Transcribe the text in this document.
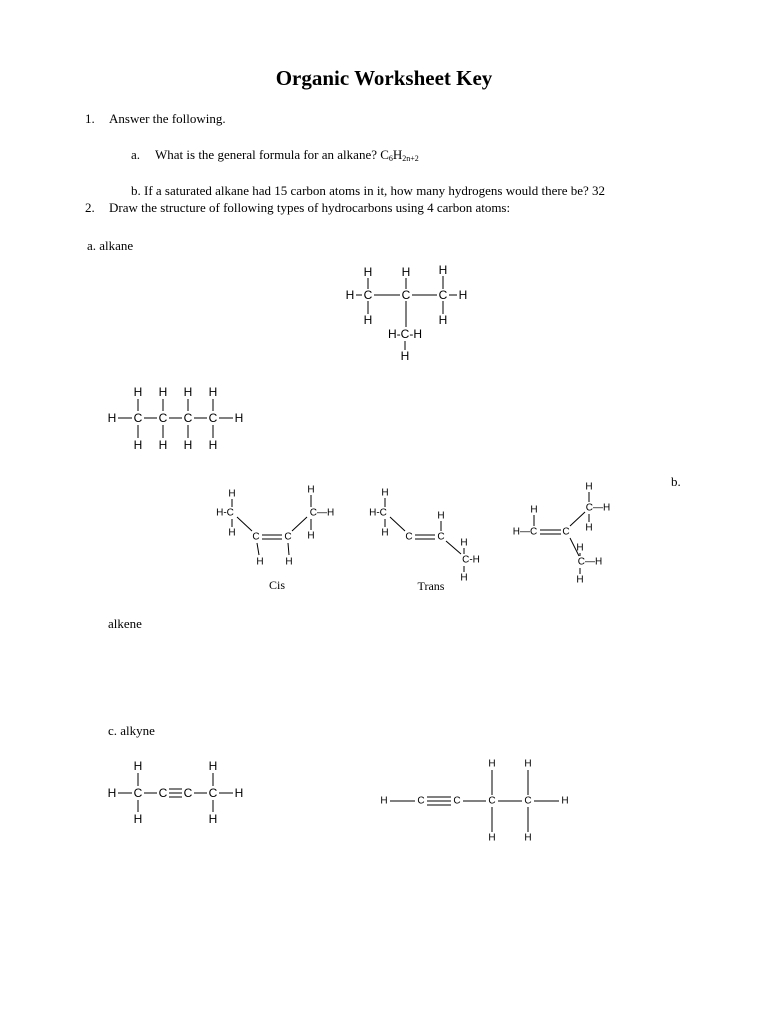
Organic Worksheet Key
1. Answer the following.
a. What is the general formula for an alkane? $C_6H_{2n+2}$
b. If a saturated alkane had 15 carbon atoms in it, how many hydrogens would there be? 32
2. Draw the structure of following types of hydrocarbons using 4 carbon atoms:
a. alkane
b.
alkene
c. alkyne
H H H
H C C C H
H	H
H-C-H
H
H H H H
H C C C C H
H H H H
H
H-C
H C C
H H
H
C—H
H
Cis
H
H-C
H C C
H
H
C-H
H
Trans
H
C—H
H
H
H—C	C
H
C—H
H
H	H
H C C C C H
H	H
H	C	C	C	C	H
H	H
H	H
